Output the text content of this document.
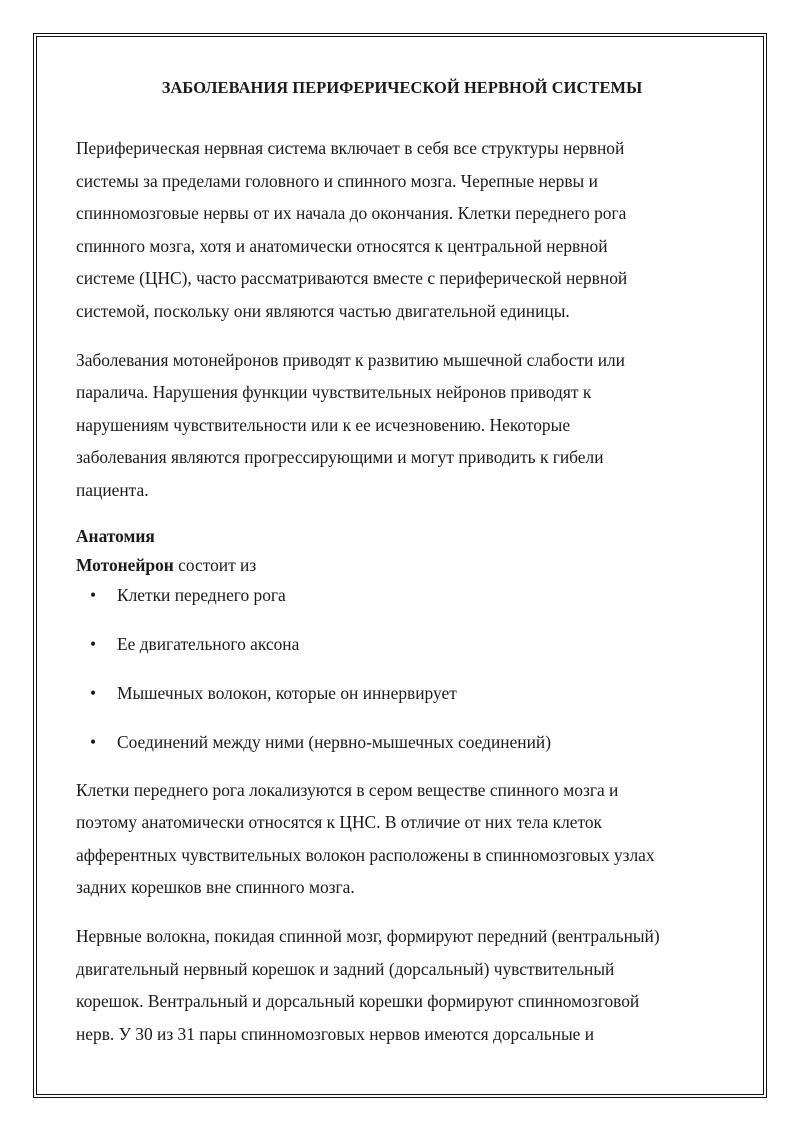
ЗАБОЛЕВАНИЯ ПЕРИФЕРИЧЕСКОЙ НЕРВНОЙ СИСТЕМЫ

Периферическая нервная система включает в себя все структуры нервной
системы за пределами головного и спинного мозга. Черепные нервы и
спинномозговые нервы от их начала до окончания. Клетки переднего рога
спинного мозга, хотя и анатомически относятся к центральной нервной
системе (ЦНС), часто рассматриваются вместе с периферической нервной
системой, поскольку они являются частью двигательной единицы.

Заболевания мотонейронов приводят к развитию мышечной слабости или
паралича. Нарушения функции чувствительных нейронов приводят к
нарушениям чувствительности или к ее исчезновению. Некоторые
заболевания являются прогрессирующими и могут приводить к гибели
пациента.

Анатомия

Мотонейрон состоит из

• Клетки переднего рога
• Ее двигательного аксона
• Мышечных волокон, которые он иннервирует
• Соединений между ними (нервно-мышечных соединений)

Клетки переднего рога локализуются в сером веществе спинного мозга и
поэтому анатомически относятся к ЦНС. В отличие от них тела клеток
афферентных чувствительных волокон расположены в спинномозговых узлах
задних корешков вне спинного мозга.

Нервные волокна, покидая спинной мозг, формируют передний (вентральный)
двигательный нервный корешок и задний (дорсальный) чувствительный
корешок. Вентральный и дорсальный корешки формируют спинномозговой
нерв. У 30 из 31 пары спинномозговых нервов имеются дорсальные и
